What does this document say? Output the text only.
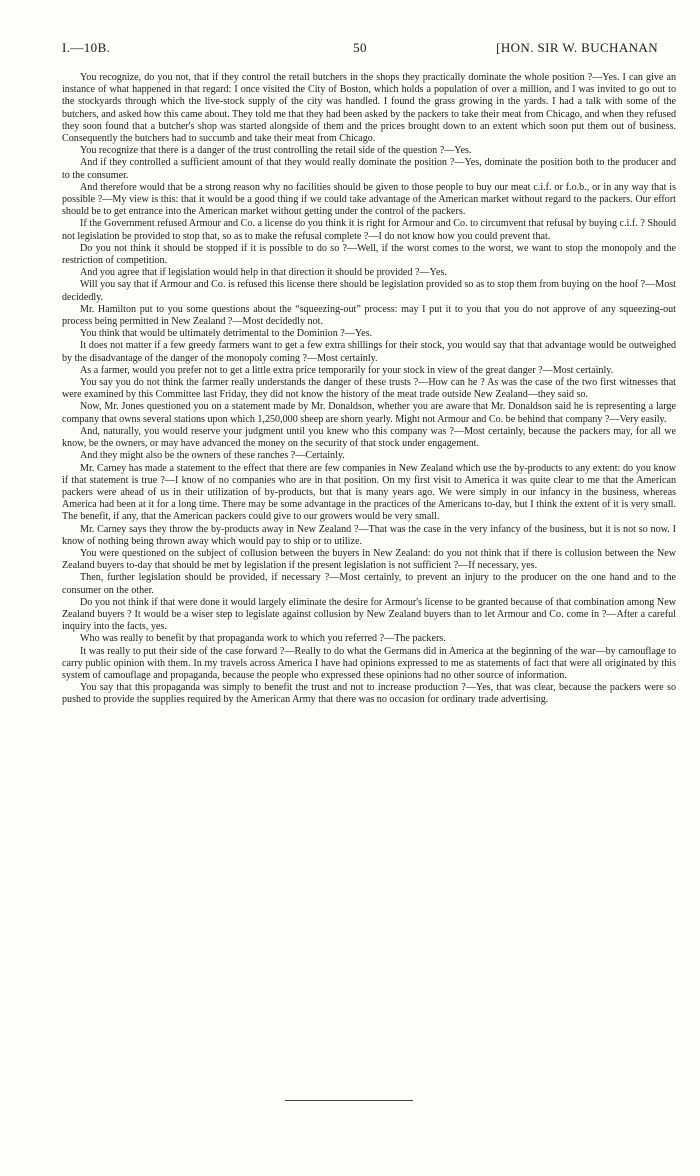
I.—10B.	50	[HON. SIR W. BUCHANAN

You recognize, do you not, that if they control the retail butchers in the shops they practically dominate the whole position ?—Yes. I can give an instance of what happened in that regard: I once visited the City of Boston, which holds a population of over a million, and I was invited to go out to the stockyards through which the live-stock supply of the city was handled. I found the grass growing in the yards. I had a talk with some of the butchers, and asked how this came about. They told me that they had been asked by the packers to take their meat from Chicago, and when they refused they soon found that a butcher's shop was started alongside of them and the prices brought down to an extent which soon put them out of business. Consequently the butchers had to succumb and take their meat from Chicago.

You recognize that there is a danger of the trust controlling the retail side of the question ?—Yes.

And if they controlled a sufficient amount of that they would really dominate the position ?—Yes, dominate the position both to the producer and to the consumer.

And therefore would that be a strong reason why no facilities should be given to those people to buy our meat c.i.f. or f.o.b., or in any way that is possible ?—My view is this: that it would be a good thing if we could take advantage of the American market without regard to the packers. Our effort should be to get entrance into the American market without getting under the control of the packers.

If the Government refused Armour and Co. a license do you think it is right for Armour and Co. to circumvent that refusal by buying c.i.f. ? Should not legislation be provided to stop that, so as to make the refusal complete ?—I do not know how you could prevent that.

Do you not think it should be stopped if it is possible to do so ?—Well, if the worst comes to the worst, we want to stop the monopoly and the restriction of competition.

And you agree that if legislation would help in that direction it should be provided ?—Yes.

Will you say that if Armour and Co. is refused this license there should be legislation provided so as to stop them from buying on the hoof ?—Most decidedly.

Mr. Hamilton put to you some questions about the “squeezing-out” process: may I put it to you that you do not approve of any squeezing-out process being permitted in New Zealand ?—Most decidedly not.

You think that would be ultimately detrimental to the Dominion ?—Yes.

It does not matter if a few greedy farmers want to get a few extra shillings for their stock, you would say that that advantage would be outweighed by the disadvantage of the danger of the monopoly coming ?—Most certainly.

As a farmer, would you prefer not to get a little extra price temporarily for your stock in view of the great danger ?—Most certainly.

You say you do not think the farmer really understands the danger of these trusts ?—How can he ? As was the case of the two first witnesses that were examined by this Committee last Friday, they did not know the history of the meat trade outside New Zealand—they said so.

Now, Mr. Jones questioned you on a statement made by Mr. Donaldson, whether you are aware that Mr. Donaldson said he is representing a large company that owns several stations upon which 1,250,000 sheep are shorn yearly. Might not Armour and Co. be behind that company ?—Very easily.

And, naturally, you would reserve your judgment until you knew who this company was ?—Most certainly, because the packers may, for all we know, be the owners, or may have advanced the money on the security of that stock under engagement.

And they might also be the owners of these ranches ?—Certainly.

Mr. Carney has made a statement to the effect that there are few companies in New Zealand which use the by-products to any extent: do you know if that statement is true ?—I know of no companies who are in that position. On my first visit to America it was quite clear to me that the American packers were ahead of us in their utilization of by-products, but that is many years ago. We were simply in our infancy in the business, whereas America had been at it for a long time. There may be some advantage in the practices of the Americans to-day, but I think the extent of it is very small. The benefit, if any, that the American packers could give to our growers would be very small.

Mr. Carney says they throw the by-products away in New Zealand ?—That was the case in the very infancy of the business, but it is not so now. I know of nothing being thrown away which would pay to ship or to utilize.

You were questioned on the subject of collusion between the buyers in New Zealand: do you not think that if there is collusion between the New Zealand buyers to-day that should be met by legislation if the present legislation is not sufficient ?—If necessary, yes.

Then, further legislation should be provided, if necessary ?—Most certainly, to prevent an injury to the producer on the one hand and to the consumer on the other.

Do you not think if that were done it would largely eliminate the desire for Armour's license to be granted because of that combination among New Zealand buyers ? It would be a wiser step to legislate against collusion by New Zealand buyers than to let Armour and Co. come in ?—After a careful inquiry into the facts, yes.

Who was really to benefit by that propaganda work to which you referred ?—The packers.

It was really to put their side of the case forward ?—Really to do what the Germans did in America at the beginning of the war—by camouflage to carry public opinion with them. In my travels across America I have had opinions expressed to me as statements of fact that were all originated by this system of camouflage and propaganda, because the people who expressed these opinions had no other source of information.

You say that this propaganda was simply to benefit the trust and not to increase production ?—Yes, that was clear, because the packers were so pushed to provide the supplies required by the American Army that there was no occasion for ordinary trade advertising.
